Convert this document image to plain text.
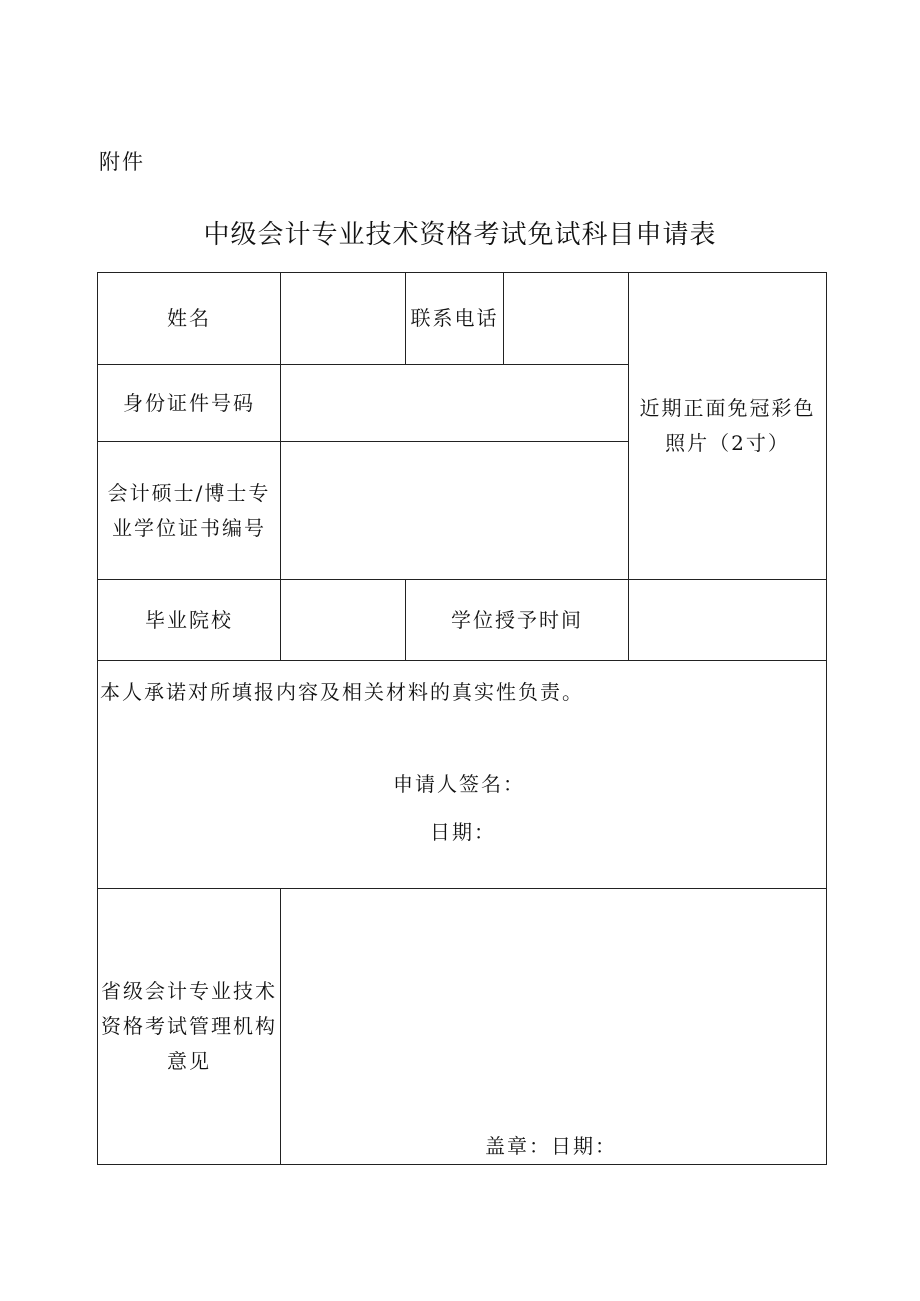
附件
中级会计专业技术资格考试免试科目申请表
姓名		联系电话		近期正面免冠彩色照片（2寸）
身份证件号码				
会计硕士/博士专业学位证书编号				
毕业院校		学位授予时间		

本人承诺对所填报内容及相关材料的真实性负责。
申请人签名：
日期：				

省级会计专业技术资格考试管理机构意见	盖章：日期：			
